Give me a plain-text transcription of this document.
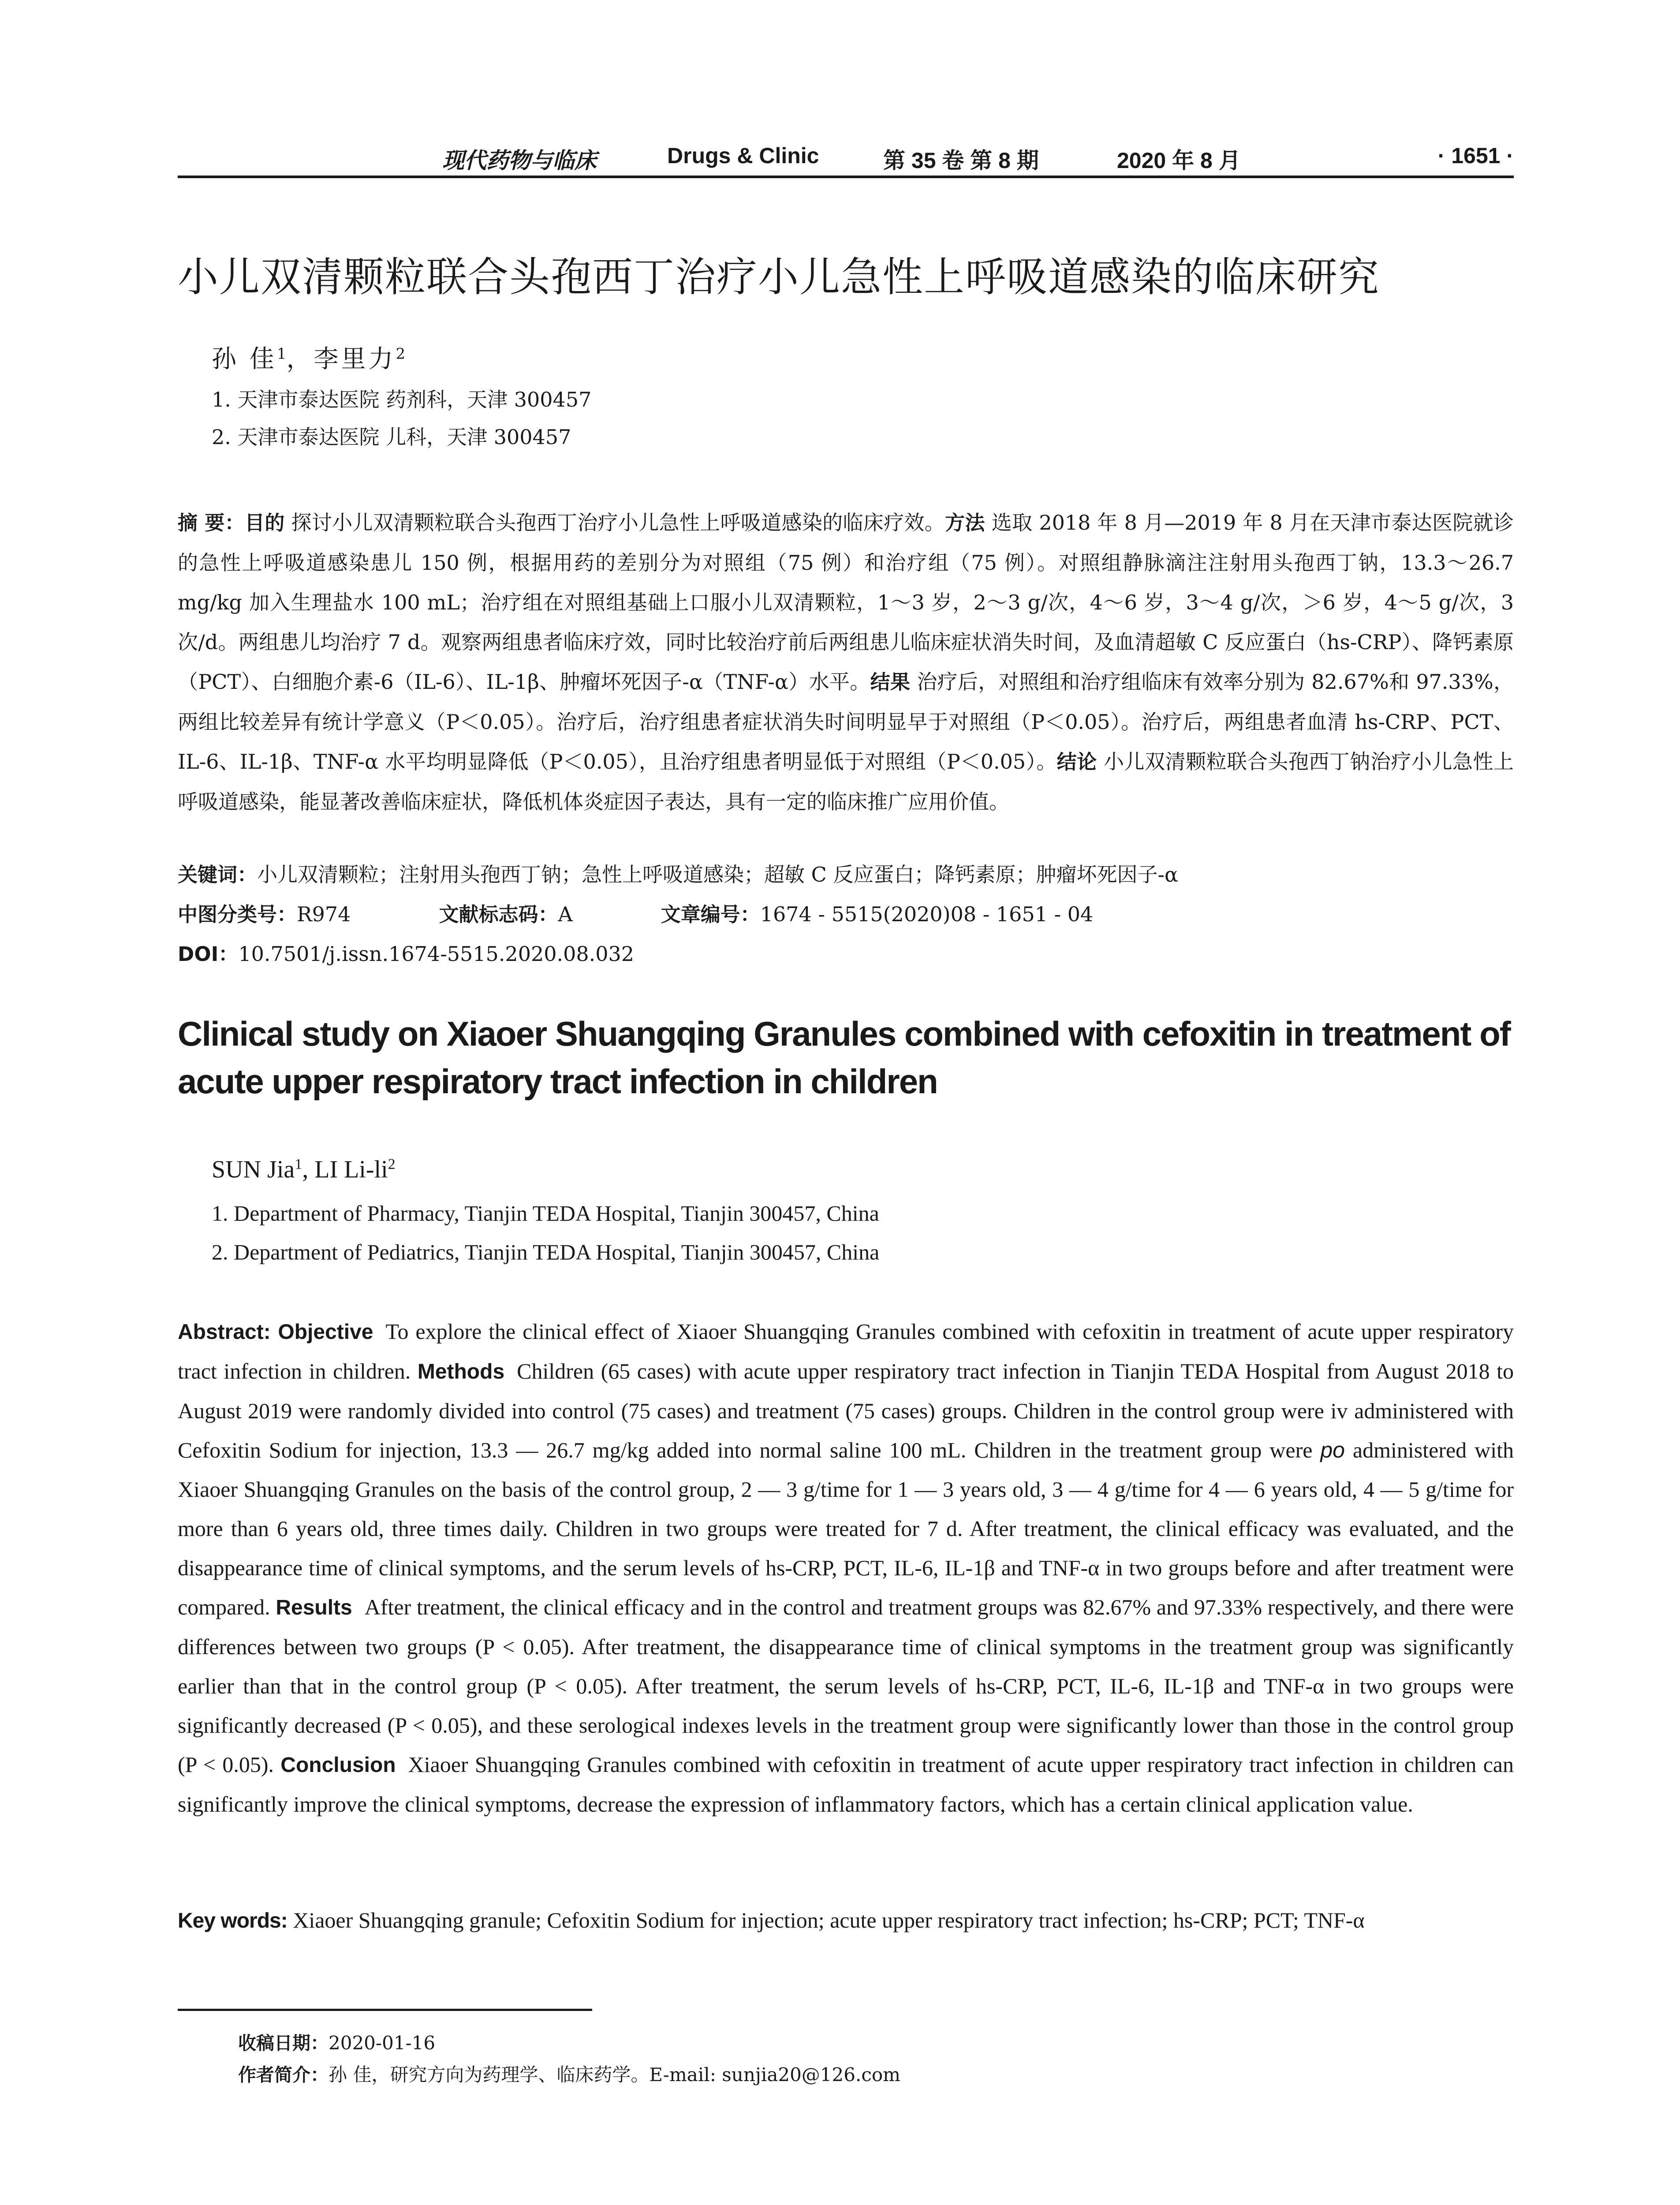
现代药物与临床	Drugs & Clinic	第 35 卷 第 8 期	2020 年 8 月	· 1651 ·
小儿双清颗粒联合头孢西丁治疗小儿急性上呼吸道感染的临床研究
孙 佳$^1$，李里力$^2$
1. 天津市泰达医院 药剂科，天津 300457
2. 天津市泰达医院 儿科，天津 300457
摘 要：目的 探讨小儿双清颗粒联合头孢西丁治疗小儿急性上呼吸道感染的临床疗效。方法 选取 2018 年 8 月—2019 年 8 月在天津市泰达医院就诊的急性上呼吸道感染患儿 150 例，根据用药的差别分为对照组（75 例）和治疗组（75 例）。对照组静脉滴注注射用头孢西丁钠，13.3～26.7 mg/kg 加入生理盐水 100 mL；治疗组在对照组基础上口服小儿双清颗粒，1～3 岁，2～3 g/次，4～6 岁，3～4 g/次，＞6 岁，4～5 g/次，3 次/d。两组患儿均治疗 7 d。观察两组患者临床疗效，同时比较治疗前后两组患儿临床症状消失时间，及血清超敏 C 反应蛋白（hs-CRP）、降钙素原（PCT）、白细胞介素-6（IL-6）、IL-1β、肿瘤坏死因子-α（TNF-α）水平。结果 治疗后，对照组和治疗组临床有效率分别为 82.67%和 97.33%，两组比较差异有统计学意义（P＜0.05）。治疗后，治疗组患者症状消失时间明显早于对照组（P＜0.05）。治疗后，两组患者血清 hs-CRP、PCT、IL-6、IL-1β、TNF-α 水平均明显降低（P＜0.05），且治疗组患者明显低于对照组（P＜0.05）。结论 小儿双清颗粒联合头孢西丁钠治疗小儿急性上呼吸道感染，能显著改善临床症状，降低机体炎症因子表达，具有一定的临床推广应用价值。
关键词：小儿双清颗粒；注射用头孢西丁钠；急性上呼吸道感染；超敏 C 反应蛋白；降钙素原；肿瘤坏死因子-α
中图分类号：R974	文献标志码：A	文章编号：1674 - 5515(2020)08 - 1651 - 04
DOI：10.7501/j.issn.1674-5515.2020.08.032
Clinical study on Xiaoer Shuangqing Granules combined with cefoxitin in treatment of acute upper respiratory tract infection in children
SUN Jia$^1$, LI $Li-li^2$
1. Department of Pharmacy, Tianjin TEDA Hospital, Tianjin 300457, China
2. Department of Pediatrics, Tianjin TEDA Hospital, Tianjin 300457, China
Abstract: Objective To explore the clinical effect of Xiaoer Shuangqing Granules combined with cefoxitin in treatment of acute upper respiratory tract infection in children. Methods Children (65 cases) with acute upper respiratory tract infection in Tianjin TEDA Hospital from August 2018 to August 2019 were randomly divided into control (75 cases) and treatment (75 cases) groups. Children in the control group were iv administered with Cefoxitin Sodium for injection, 13.3 — 26.7 mg/kg added into normal saline 100 mL. Children in the treatment group were po administered with Xiaoer Shuangqing Granules on the basis of the control group, 2 — 3 g/time for 1 — 3 years old, 3 — 4 g/time for 4 — 6 years old, 4 — 5 g/time for more than 6 years old, three times daily. Children in two groups were treated for 7 d. After treatment, the clinical efficacy was evaluated, and the disappearance time of clinical symptoms, and the serum levels of hs-CRP, PCT, IL-6, IL-1β and TNF-α in two groups before and after treatment were compared. Results After treatment, the clinical efficacy and in the control and treatment groups was 82.67% and 97.33% respectively, and there were differences between two groups (P < 0.05). After treatment, the disappearance time of clinical symptoms in the treatment group was significantly earlier than that in the control group (P < 0.05). After treatment, the serum levels of hs-CRP, PCT, IL-6, IL-1β and TNF-α in two groups were significantly decreased (P < 0.05), and these serological indexes levels in the treatment group were significantly lower than those in the control group (P < 0.05). Conclusion Xiaoer Shuangqing Granules combined with cefoxitin in treatment of acute upper respiratory tract infection in children can significantly improve the clinical symptoms, decrease the expression of inflammatory factors, which has a certain clinical application value.
Key words: Xiaoer Shuangqing granule; Cefoxitin Sodium for injection; acute upper respiratory tract infection; hs-CRP; PCT; TNF-α
收稿日期：2020-01-16
作者简介：孙 佳，研究方向为药理学、临床药学。E-mail: sunjia20@126.com
